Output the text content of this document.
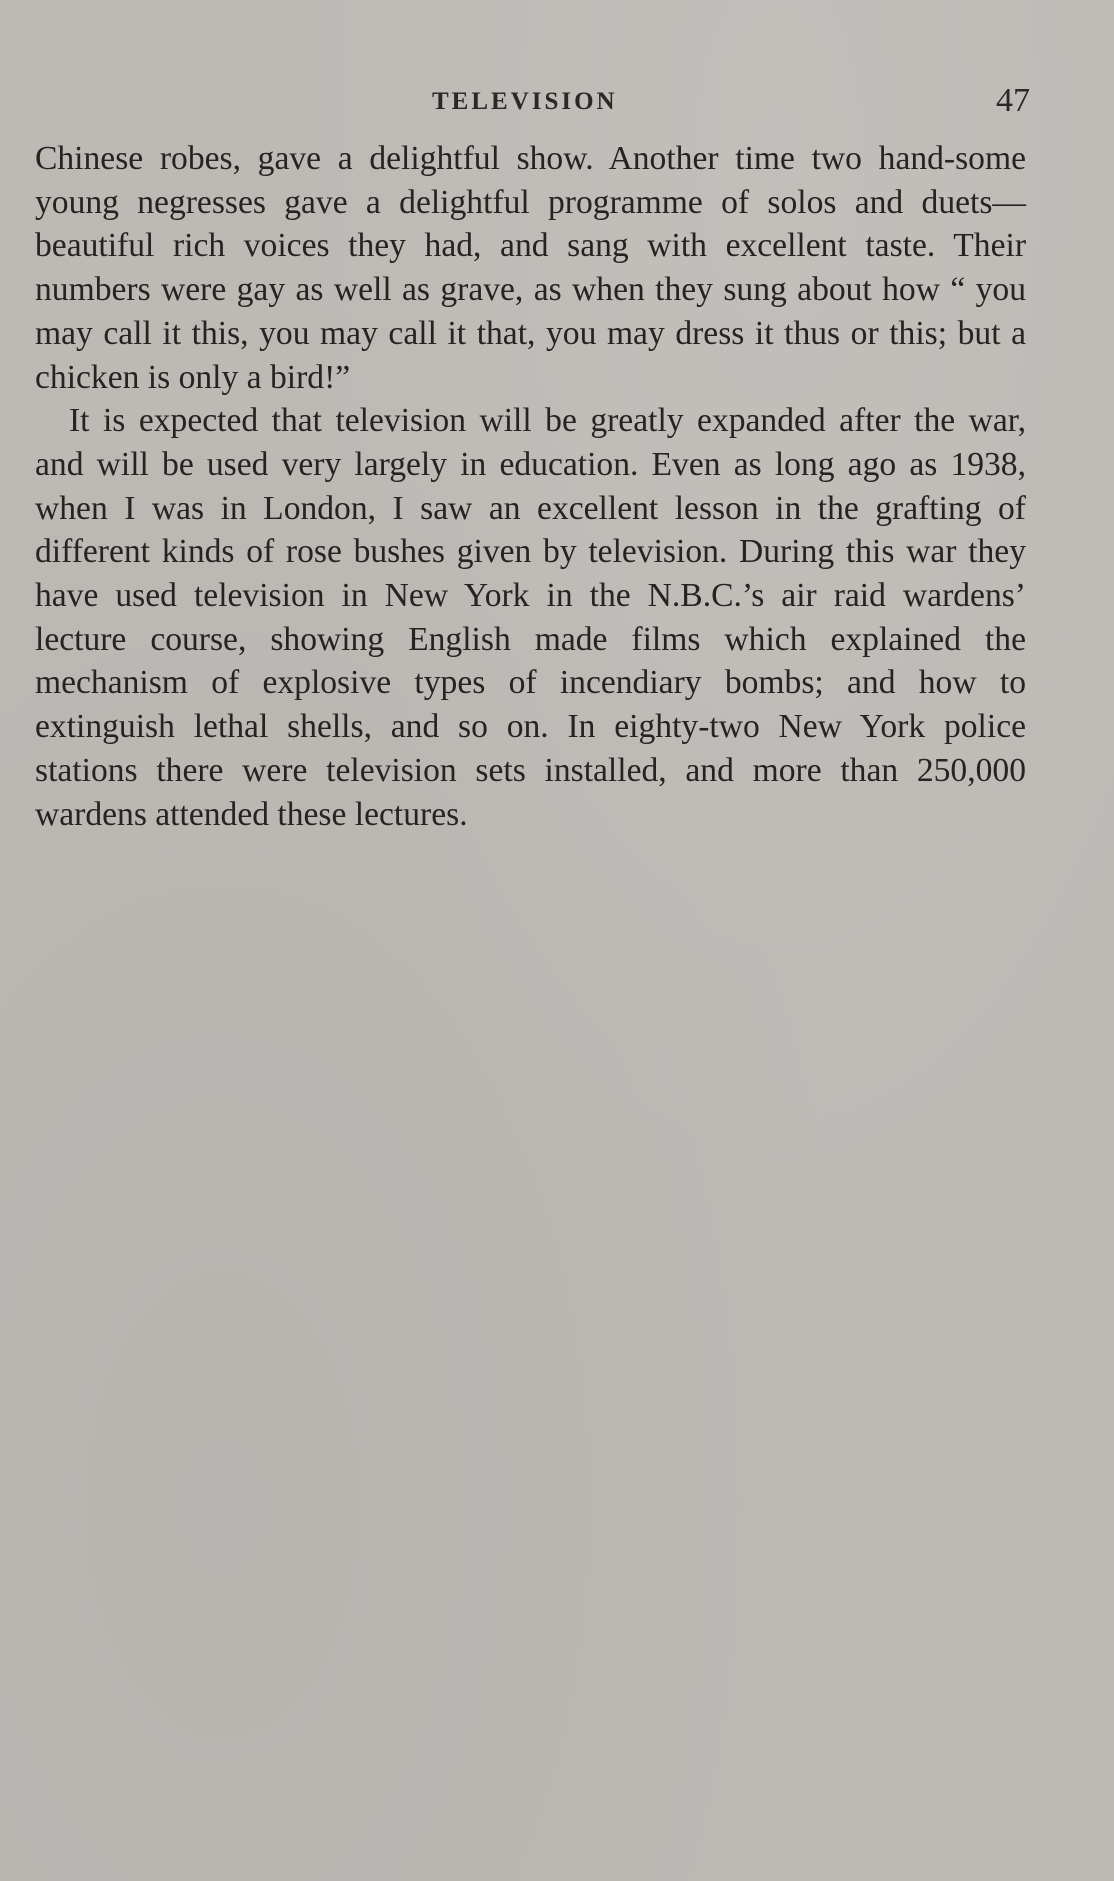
TELEVISION	47

Chinese robes, gave a delightful show. Another time two hand-some young negresses gave a delightful programme of solos and duets—beautiful rich voices they had, and sang with excellent taste. Their numbers were gay as well as grave, as when they sung about how “ you may call it this, you may call it that, you may dress it thus or this; but a chicken is only a bird!”

It is expected that television will be greatly expanded after the war, and will be used very largely in education. Even as long ago as 1938, when I was in London, I saw an excellent lesson in the grafting of different kinds of rose bushes given by television. During this war they have used television in New York in the N.B.C.’s air raid wardens’ lecture course, showing English made films which explained the mechanism of explosive types of incendiary bombs; and how to extinguish lethal shells, and so on. In eighty-two New York police stations there were television sets installed, and more than 250,000 wardens attended these lectures.
